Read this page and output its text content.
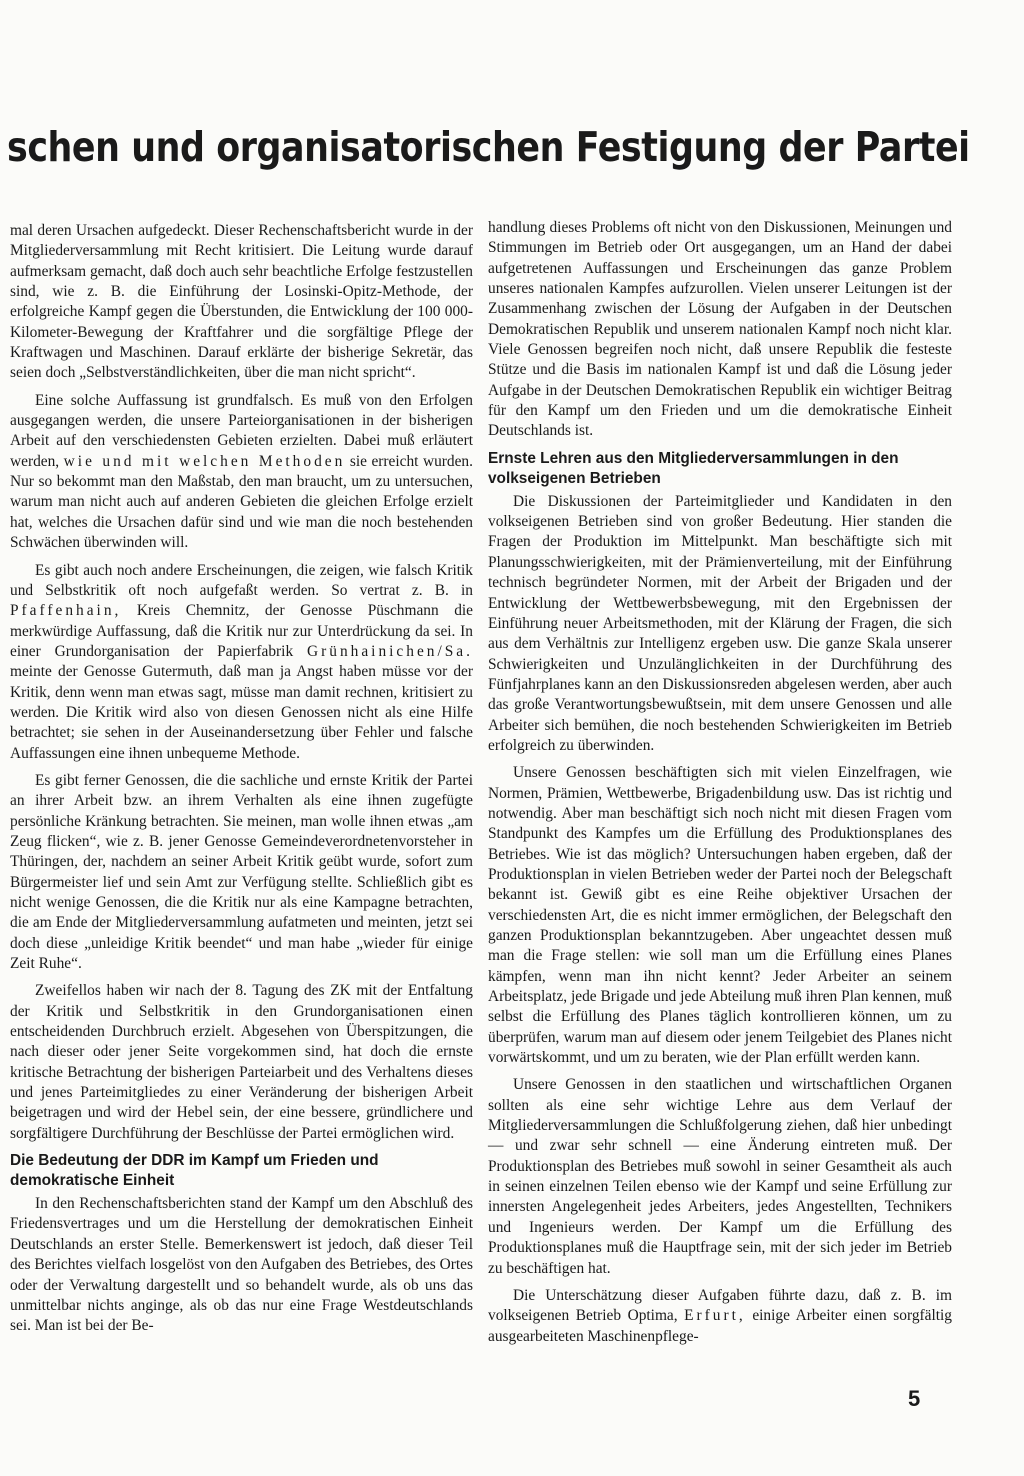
schen und organisatorischen Festigung der Partei

mal deren Ursachen aufgedeckt. Dieser Rechenschaftsbericht wurde in der Mitgliederversammlung mit Recht kritisiert. Die Leitung wurde darauf aufmerksam gemacht, daß doch auch sehr beachtliche Erfolge festzustellen sind, wie z. B. die Einführung der Losinski-Opitz-Methode, der erfolgreiche Kampf gegen die Überstunden, die Entwicklung der 100 000-Kilometer-Bewegung der Kraftfahrer und die sorgfältige Pflege der Kraftwagen und Maschinen. Darauf erklärte der bisherige Sekretär, das seien doch „Selbstverständlichkeiten, über die man nicht spricht“.

Eine solche Auffassung ist grundfalsch. Es muß von den Erfolgen ausgegangen werden, die unsere Parteiorganisationen in der bisherigen Arbeit auf den verschiedensten Gebieten erzielten. Dabei muß erläutert werden, wie und mit welchen Methoden sie erreicht wurden. Nur so bekommt man den Maßstab, den man braucht, um zu untersuchen, warum man nicht auch auf anderen Gebieten die gleichen Erfolge erzielt hat, welches die Ursachen dafür sind und wie man die noch bestehenden Schwächen überwinden will.

Es gibt auch noch andere Erscheinungen, die zeigen, wie falsch Kritik und Selbstkritik oft noch aufgefaßt werden. So vertrat z. B. in Pfaffenhain, Kreis Chemnitz, der Genosse Püschmann die merkwürdige Auffassung, daß die Kritik nur zur Unterdrückung da sei. In einer Grundorganisation der Papierfabrik Grünhainichen/Sa. meinte der Genosse Gutermuth, daß man ja Angst haben müsse vor der Kritik, denn wenn man etwas sagt, müsse man damit rechnen, kritisiert zu werden. Die Kritik wird also von diesen Genossen nicht als eine Hilfe betrachtet; sie sehen in der Auseinandersetzung über Fehler und falsche Auffassungen eine ihnen unbequeme Methode.

Es gibt ferner Genossen, die die sachliche und ernste Kritik der Partei an ihrer Arbeit bzw. an ihrem Verhalten als eine ihnen zugefügte persönliche Kränkung betrachten. Sie meinen, man wolle ihnen etwas „am Zeug flicken“, wie z. B. jener Genosse Gemeindeverordnetenvorsteher in Thüringen, der, nachdem an seiner Arbeit Kritik geübt wurde, sofort zum Bürgermeister lief und sein Amt zur Verfügung stellte. Schließlich gibt es nicht wenige Genossen, die die Kritik nur als eine Kampagne betrachten, die am Ende der Mitgliederversammlung aufatmeten und meinten, jetzt sei doch diese „unleidige Kritik beendet“ und man habe „wieder für einige Zeit Ruhe“.

Zweifellos haben wir nach der 8. Tagung des ZK mit der Entfaltung der Kritik und Selbstkritik in den Grundorganisationen einen entscheidenden Durchbruch erzielt. Abgesehen von Überspitzungen, die nach dieser oder jener Seite vorgekommen sind, hat doch die ernste kritische Betrachtung der bisherigen Parteiarbeit und des Verhaltens dieses und jenes Parteimitgliedes zu einer Veränderung der bisherigen Arbeit beigetragen und wird der Hebel sein, der eine bessere, gründlichere und sorgfältigere Durchführung der Beschlüsse der Partei ermöglichen wird.

Die Bedeutung der DDR im Kampf um Frieden und demokratische Einheit

In den Rechenschaftsberichten stand der Kampf um den Abschluß des Friedensvertrages und um die Herstellung der demokratischen Einheit Deutschlands an erster Stelle. Bemerkenswert ist jedoch, daß dieser Teil des Berichtes vielfach losgelöst von den Aufgaben des Betriebes, des Ortes oder der Verwaltung dargestellt und so behandelt wurde, als ob uns das unmittelbar nichts anginge, als ob das nur eine Frage Westdeutschlands sei. Man ist bei der Be-

handlung dieses Problems oft nicht von den Diskussionen, Meinungen und Stimmungen im Betrieb oder Ort ausgegangen, um an Hand der dabei aufgetretenen Auffassungen und Erscheinungen das ganze Problem unseres nationalen Kampfes aufzurollen. Vielen unserer Leitungen ist der Zusammenhang zwischen der Lösung der Aufgaben in der Deutschen Demokratischen Republik und unserem nationalen Kampf noch nicht klar. Viele Genossen begreifen noch nicht, daß unsere Republik die festeste Stütze und die Basis im nationalen Kampf ist und daß die Lösung jeder Aufgabe in der Deutschen Demokratischen Republik ein wichtiger Beitrag für den Kampf um den Frieden und um die demokratische Einheit Deutschlands ist.

Ernste Lehren aus den Mitgliederversammlungen in den volkseigenen Betrieben

Die Diskussionen der Parteimitglieder und Kandidaten in den volkseigenen Betrieben sind von großer Bedeutung. Hier standen die Fragen der Produktion im Mittelpunkt. Man beschäftigte sich mit Planungsschwierigkeiten, mit der Prämienverteilung, mit der Einführung technisch begründeter Normen, mit der Arbeit der Brigaden und der Entwicklung der Wettbewerbsbewegung, mit den Ergebnissen der Einführung neuer Arbeitsmethoden, mit der Klärung der Fragen, die sich aus dem Verhältnis zur Intelligenz ergeben usw. Die ganze Skala unserer Schwierigkeiten und Unzulänglichkeiten in der Durchführung des Fünfjahrplanes kann an den Diskussionsreden abgelesen werden, aber auch das große Verantwortungsbewußtsein, mit dem unsere Genossen und alle Arbeiter sich bemühen, die noch bestehenden Schwierigkeiten im Betrieb erfolgreich zu überwinden.

Unsere Genossen beschäftigten sich mit vielen Einzelfragen, wie Normen, Prämien, Wettbewerbe, Brigadenbildung usw. Das ist richtig und notwendig. Aber man beschäftigt sich noch nicht mit diesen Fragen vom Standpunkt des Kampfes um die Erfüllung des Produktionsplanes des Betriebes. Wie ist das möglich? Untersuchungen haben ergeben, daß der Produktionsplan in vielen Betrieben weder der Partei noch der Belegschaft bekannt ist. Gewiß gibt es eine Reihe objektiver Ursachen der verschiedensten Art, die es nicht immer ermöglichen, der Belegschaft den ganzen Produktionsplan bekanntzugeben. Aber ungeachtet dessen muß man die Frage stellen: wie soll man um die Erfüllung eines Planes kämpfen, wenn man ihn nicht kennt? Jeder Arbeiter an seinem Arbeitsplatz, jede Brigade und jede Abteilung muß ihren Plan kennen, muß selbst die Erfüllung des Planes täglich kontrollieren können, um zu überprüfen, warum man auf diesem oder jenem Teilgebiet des Planes nicht vorwärtskommt, und um zu beraten, wie der Plan erfüllt werden kann.

Unsere Genossen in den staatlichen und wirtschaftlichen Organen sollten als eine sehr wichtige Lehre aus dem Verlauf der Mitgliederversammlungen die Schlußfolgerung ziehen, daß hier unbedingt — und zwar sehr schnell — eine Änderung eintreten muß. Der Produktionsplan des Betriebes muß sowohl in seiner Gesamtheit als auch in seinen einzelnen Teilen ebenso wie der Kampf und seine Erfüllung zur innersten Angelegenheit jedes Arbeiters, jedes Angestellten, Technikers und Ingenieurs werden. Der Kampf um die Erfüllung des Produktionsplanes muß die Hauptfrage sein, mit der sich jeder im Betrieb zu beschäftigen hat.

Die Unterschätzung dieser Aufgaben führte dazu, daß z. B. im volkseigenen Betrieb Optima, Erfurt, einige Arbeiter einen sorgfältig ausgearbeiteten Maschinenpflege-

5
